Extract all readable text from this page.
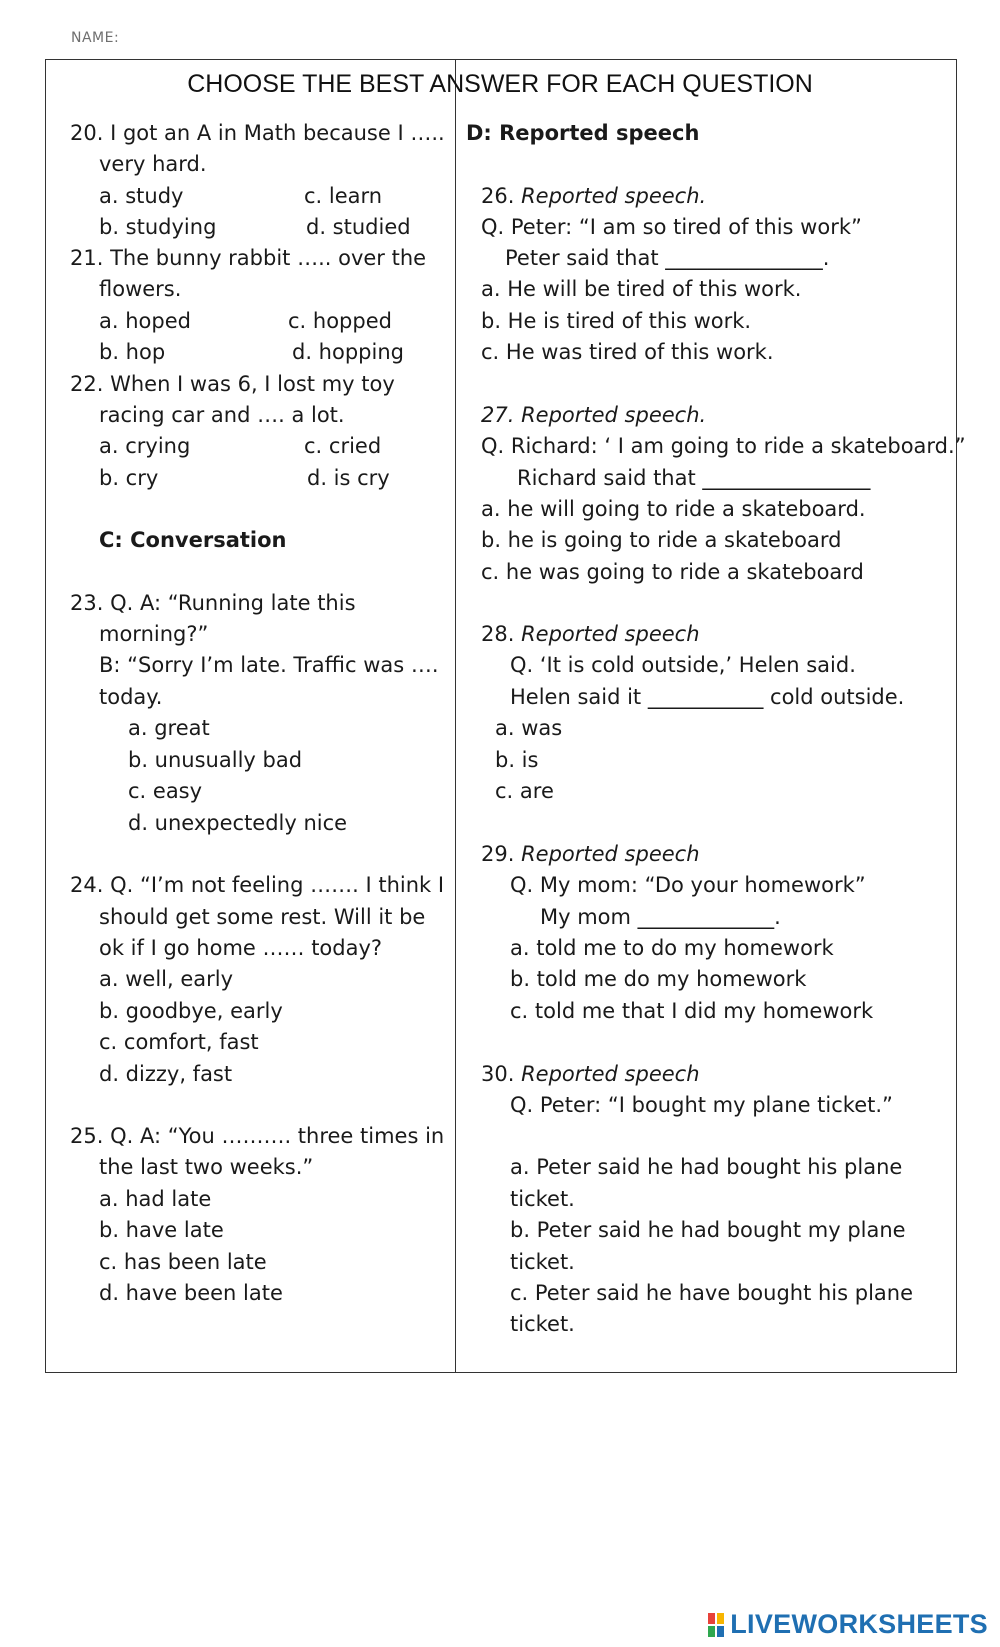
NAME:
CHOOSE THE BEST ANSWER FOR EACH QUESTION
20. I got an A in Math because I …..
very hard.
a. study	c. learn
b. studying	d. studied
21. The bunny rabbit ….. over the
flowers.
a. hoped	c. hopped
b. hop	d. hopping
22. When I was 6, I lost my toy
racing car and …. a lot.
a. crying	c. cried
b. cry	d. is cry
C: Conversation
23. Q. A: “Running late this
morning?”
B: “Sorry I’m late. Traffic was ….
today.
a. great
b. unusually bad
c. easy
d. unexpectedly nice
24. Q. “I’m not feeling ……. I think I
should get some rest. Will it be
ok if I go home …… today?
a. well, early
b. goodbye, early
c. comfort, fast
d. dizzy, fast
25. Q. A: “You ………. three times in
the last two weeks.”
a. had late
b. have late
c. has been late
d. have been late
D: Reported speech
26. Reported speech.
Q. Peter: “I am so tired of this work”
Peter said that _______________.
a. He will be tired of this work.
b. He is tired of this work.
c. He was tired of this work.
27. Reported speech.
Q. Richard: ‘ I am going to ride a skateboard.”
Richard said that ________________
a. he will going to ride a skateboard.
b. he is going to ride a skateboard
c. he was going to ride a skateboard
28. Reported speech
Q. ‘It is cold outside,’ Helen said.
Helen said it ___________ cold outside.
a. was
b. is
c. are
29. Reported speech
Q. My mom: “Do your homework”
My mom _____________.
a. told me to do my homework
b. told me do my homework
c. told me that I did my homework
30. Reported speech
Q. Peter: “I bought my plane ticket.”
a. Peter said he had bought his plane
ticket.
b. Peter said he had bought my plane
ticket.
c. Peter said he have bought his plane
ticket.
LIVEWORKSHEETS
